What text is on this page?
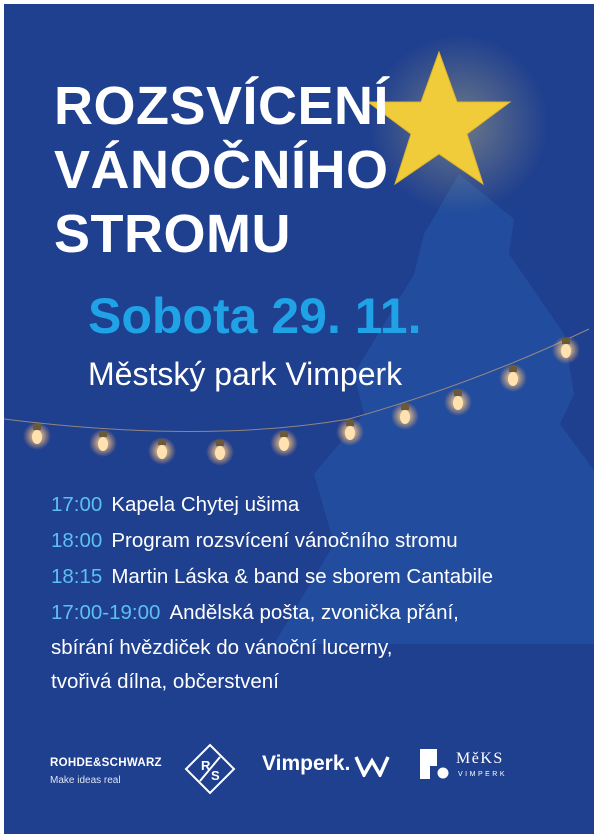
ROZSVÍCENÍ
VÁNOČNÍHO
STROMU
Sobota 29. 11.
Městský park Vimperk
17:00 Kapela Chytej ušima
18:00 Program rozsvícení vánočního stromu
18:15 Martin Láska & band se sborem Cantabile
17:00-19:00 Andělská pošta, zvonička přání,
sbírání hvězdiček do vánoční lucerny,
tvořivá dílna, občerstvení
ROHDE&SCHWARZ
Make ideas real
R
S
Vimperk.	MěKS
VIMPERK
